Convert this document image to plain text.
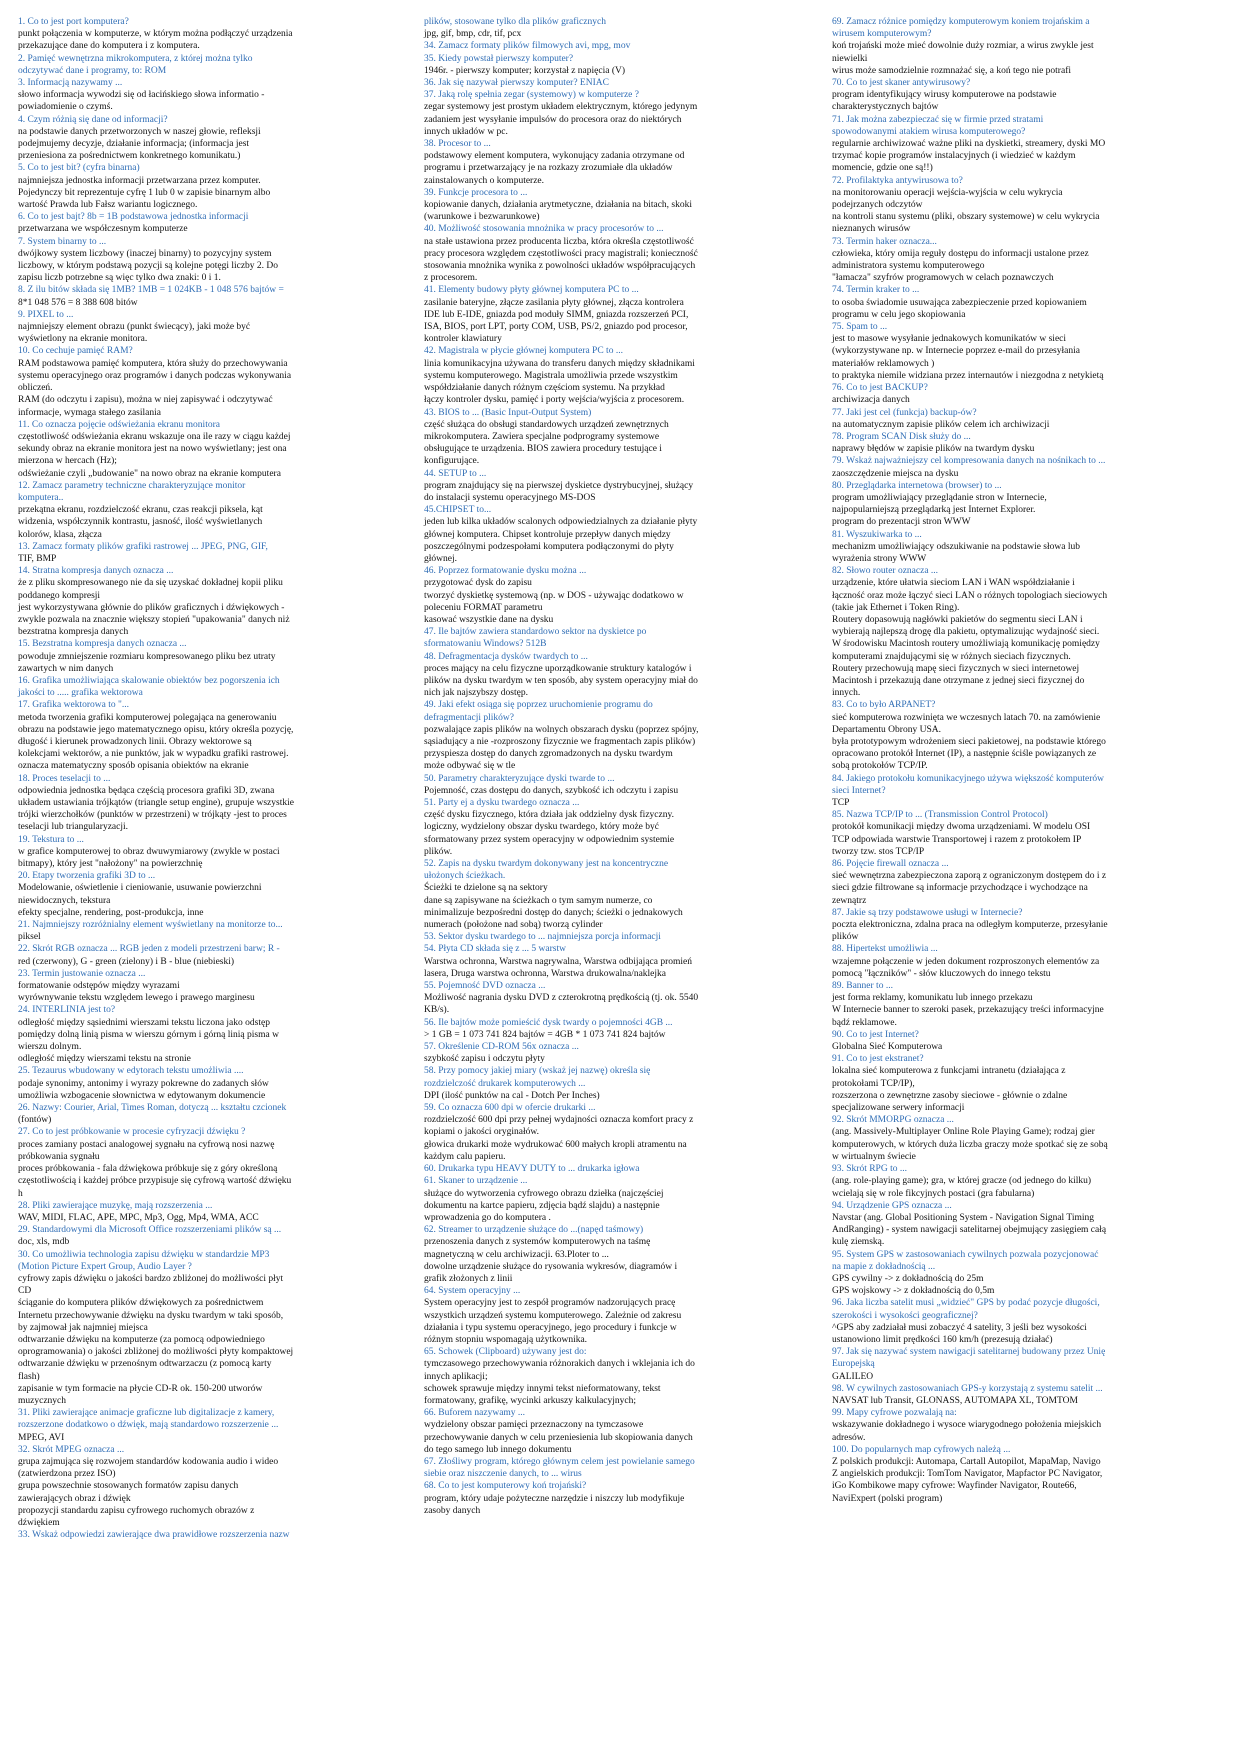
1. Co to jest port komputera?
punkt połączenia w komputerze, w którym można podłączyć urządzenia
przekazujące dane do komputera i z komputera.
2. Pamięć wewnętrzna mikrokomputera, z której można tylko
odczytywać dane i programy, to: ROM
3. Informacją nazywamy ...
słowo informacja wywodzi się od łacińskiego słowa informatio -
powiadomienie o czymś.
4. Czym różnią się dane od informacji?
na podstawie danych przetworzonych w naszej głowie, refleksji
podejmujemy decyzje, działanie informacja; (informacja jest
przeniesiona za pośrednictwem konkretnego komunikatu.)
5. Co to jest bit? (cyfra binarna)
najmniejsza jednostka informacji przetwarzana przez komputer.
Pojedynczy bit reprezentuje cyfrę 1 lub 0 w zapisie binarnym albo
wartość Prawda lub Fałsz wariantu logicznego.
6. Co to jest bajt? 8b = 1B podstawowa jednostka informacji
przetwarzana we współczesnym komputerze
7. System binarny to ...
dwójkowy system liczbowy (inaczej binarny) to pozycyjny system
liczbowy, w którym podstawą pozycji są kolejne potęgi liczby 2. Do
zapisu liczb potrzebne są więc tylko dwa znaki: 0 i 1.
8. Z ilu bitów składa się 1MB? 1MB = 1 024KB - 1 048 576 bajtów =
8*1 048 576 = 8 388 608 bitów
9. PIXEL to ...
najmniejszy element obrazu (punkt świecący), jaki może być
wyświetlony na ekranie monitora.
10. Co cechuje pamięć RAM?
RAM podstawowa pamięć komputera, która służy do przechowywania
systemu operacyjnego oraz programów i danych podczas wykonywania
obliczeń.
RAM (do odczytu i zapisu), można w niej zapisywać i odczytywać
informacje, wymaga stałego zasilania
11. Co oznacza pojęcie odświeżania ekranu monitora
częstotliwość odświeżania ekranu wskazuje ona ile razy w ciągu każdej
sekundy obraz na ekranie monitora jest na nowo wyświetlany; jest ona
mierzona w hercach (Hz);
odświeżanie czyli „budowanie" na nowo obraz na ekranie komputera
12. Zamacz parametry techniczne charakteryzujące monitor
komputera..
przekątna ekranu, rozdzielczość ekranu, czas reakcji piksela, kąt
widzenia, współczynnik kontrastu, jasność, ilość wyświetlanych
kolorów, klasa, złącza
13. Zamacz formaty plików grafiki rastrowej ... JPEG, PNG, GIF,
TIF, BMP
14. Stratna kompresja danych oznacza ...
że z pliku skompresowanego nie da się uzyskać dokładnej kopii pliku
poddanego kompresji
jest wykorzystywana głównie do plików graficznych i dźwiękowych -
zwykle pozwala na znacznie większy stopień "upakowania" danych niż
bezstratna kompresja danych
15. Bezstratna kompresja danych oznacza ...
powoduje zmniejszenie rozmiaru kompresowanego pliku bez utraty
zawartych w nim danych
16. Grafika umożliwiająca skalowanie obiektów bez pogorszenia ich
jakości to ..... grafika wektorowa
17. Grafika wektorowa to "...
metoda tworzenia grafiki komputerowej polegająca na generowaniu
obrazu na podstawie jego matematycznego opisu, który określa pozycję,
długość i kierunek prowadzonych linii. Obrazy wektorowe są
kolekcjami wektorów, a nie punktów, jak w wypadku grafiki rastrowej.
oznacza matematyczny sposób opisania obiektów na ekranie
18. Proces teselacji to ...
odpowiednia jednostka będąca częścią procesora grafiki 3D, zwana
układem ustawiania trójkątów (triangle setup engine), grupuje wszystkie
trójki wierzchołków (punktów w przestrzeni) w trójkąty -jest to proces
teselacji lub triangularyzacji.
19. Tekstura to ...
w grafice komputerowej to obraz dwuwymiarowy (zwykle w postaci
bitmapy), który jest "nałożony" na powierzchnię
20. Etapy tworzenia grafiki 3D to ...
Modelowanie, oświetlenie i cieniowanie, usuwanie powierzchni
niewidocznych, tekstura
efekty specjalne, rendering, post-produkcja, inne
21. Najmniejszy rozróżnialny element wyświetlany na monitorze to...
piksel
22. Skrót RGB oznacza ... RGB jeden z modeli przestrzeni barw; R -
red (czerwony), G - green (zielony) i B - blue (niebieski)
23. Termin justowanie oznacza ...
formatowanie odstępów między wyrazami
wyrównywanie tekstu względem lewego i prawego marginesu
24. INTERLINIA jest to?
odległość między sąsiednimi wierszami tekstu liczona jako odstęp
pomiędzy dolną linią pisma w wierszu górnym i górną linią pisma w
wierszu dolnym.
odległość między wierszami tekstu na stronie
25. Tezaurus wbudowany w edytorach tekstu umożliwia ....
podaje synonimy, antonimy i wyrazy pokrewne do zadanych słów
umożliwia wzbogacenie słownictwa w edytowanym dokumencie
26. Nazwy: Courier, Arial, Times Roman, dotyczą ... kształtu czcionek
(fontów)
27. Co to jest próbkowanie w procesie cyfryzacji dźwięku ?
proces zamiany postaci analogowej sygnału na cyfrową nosi nazwę
próbkowania sygnału
proces próbkowania - fala dźwiękowa próbkuje się z góry określoną
częstotliwością i każdej próbce przypisuje się cyfrową wartość dźwięku
h
28. Pliki zawierające muzykę, mają rozszerzenia ...
WAV, MIDI, FLAC, APE, MPC, Mp3, Ogg, Mp4, WMA, ACC
29. Standardowymi dla Microsoft Office rozszerzeniami plików są ...
doc, xls, mdb
30. Co umożliwia technologia zapisu dźwięku w standardzie MP3
(Motion Picture Expert Group, Audio Layer ?
cyfrowy zapis dźwięku o jakości bardzo zbliżonej do możliwości płyt
CD
ściąganie do komputera plików dźwiękowych za pośrednictwem
Internetu przechowywanie dźwięku na dysku twardym w taki sposób,
by zajmował jak najmniej miejsca
odtwarzanie dźwięku na komputerze (za pomocą odpowiedniego
oprogramowania) o jakości zbliżonej do możliwości płyty kompaktowej
odtwarzanie dźwięku w przenośnym odtwarzaczu (z pomocą karty
flash)
zapisanie w tym formacie na płycie CD-R ok. 150-200 utworów
muzycznych
31. Pliki zawierające animacje graficzne lub digitalizacje z kamery,
rozszerzone dodatkowo o dźwięk, mają standardowo rozszerzenie ...
MPEG, AVI
32. Skrót MPEG oznacza ...
grupa zajmująca się rozwojem standardów kodowania audio i wideo
(zatwierdzona przez ISO)
grupa powszechnie stosowanych formatów zapisu danych
zawierających obraz i dźwięk
propozycji standardu zapisu cyfrowego ruchomych obrazów z
dźwiękiem
33. Wskaż odpowiedzi zawierające dwa prawidłowe rozszerzenia nazw
plików, stosowane tylko dla plików graficznych
jpg, gif, bmp, cdr, tif, pcx
34. Zamacz formaty plików filmowych avi, mpg, mov
35. Kiedy powstał pierwszy komputer?
1946r. - pierwszy komputer; korzystał z napięcia (V)
36. Jak się nazywał pierwszy komputer? ENIAC
37. Jaką rolę spełnia zegar (systemowy) w komputerze ?
zegar systemowy jest prostym układem elektrycznym, którego jedynym
zadaniem jest wysyłanie impulsów do procesora oraz do niektórych
innych układów w pc.
38. Procesor to ...
podstawowy element komputera, wykonujący zadania otrzymane od
programu i przetwarzający je na rozkazy zrozumiałe dla układów
zainstalowanych o komputerze.
39. Funkcje procesora to ...
kopiowanie danych, działania arytmetyczne, działania na bitach, skoki
(warunkowe i bezwarunkowe)
40. Możliwość stosowania mnożnika w pracy procesorów to ...
na stałe ustawiona przez producenta liczba, która określa częstotliwość
pracy procesora względem częstotliwości pracy magistrali; konieczność
stosowania mnożnika wynika z powolności układów współpracujących
z procesorem.
41. Elementy budowy płyty głównej komputera PC to ...
zasilanie bateryjne, złącze zasilania płyty głównej, złącza kontrolera
IDE lub E-IDE, gniazda pod moduły SIMM, gniazda rozszerzeń PCI,
ISA, BIOS, port LPT, porty COM, USB, PS/2, gniazdo pod procesor,
kontroler klawiatury
42. Magistrala w płycie głównej komputera PC to ...
linia komunikacyjna używana do transferu danych między składnikami
systemu komputerowego. Magistrala umożliwia przede wszystkim
współdziałanie danych różnym częściom systemu. Na przykład
łączy kontroler dysku, pamięć i porty wejścia/wyjścia z procesorem.
43. BIOS to ... (Basic Input-Output System)
część służąca do obsługi standardowych urządzeń zewnętrznych
mikrokomputera. Zawiera specjalne podprogramy systemowe
obsługujące te urządzenia. BIOS zawiera procedury testujące i
konfigurujące.
44. SETUP to ...
program znajdujący się na pierwszej dyskietce dystrybucyjnej, służący
do instalacji systemu operacyjnego MS-DOS
45.CHIPSET to...
jeden lub kilka układów scalonych odpowiedzialnych za działanie płyty
głównej komputera. Chipset kontroluje przepływ danych między
poszczególnymi podzespołami komputera podłączonymi do płyty
głównej.
46. Poprzez formatowanie dysku można ...
przygotować dysk do zapisu
tworzyć dyskietkę systemową (np. w DOS - używając dodatkowo w
poleceniu FORMAT parametru
kasować wszystkie dane na dysku
47. Ile bajtów zawiera standardowo sektor na dyskietce po
sformatowaniu Windows? 512B
48. Defragmentacja dysków twardych to ...
proces mający na celu fizyczne uporządkowanie struktury katalogów i
plików na dysku twardym w ten sposób, aby system operacyjny miał do
nich jak najszybszy dostęp.
49. Jaki efekt osiąga się poprzez uruchomienie programu do
defragmentacji plików?
pozwalające zapis plików na wolnych obszarach dysku (poprzez spójny,
sąsiadujący a nie -rozproszony fizycznie we fragmentach zapis plików)
przyspiesza dostęp do danych zgromadzonych na dysku twardym
może odbywać się w tle
50. Parametry charakteryzujące dyski twarde to ...
Pojemność, czas dostępu do danych, szybkość ich odczytu i zapisu
51. Party ej a dysku twardego oznacza ...
część dysku fizycznego, która działa jak oddzielny dysk fizyczny.
logiczny, wydzielony obszar dysku twardego, który może być
sformatowany przez system operacyjny w odpowiednim systemie
plików.
52. Zapis na dysku twardym dokonywany jest na koncentryczne
ułożonych ścieżkach.
Ścieżki te dzielone są na sektory
dane są zapisywane na ścieżkach o tym samym numerze, co
minimalizuje bezpośredni dostęp do danych; ścieżki o jednakowych
numerach (położone nad sobą) tworzą cylinder
53. Sektor dysku twardego to ... najmniejsza porcja informacji
54. Płyta CD składa się z ... 5 warstw
Warstwa ochronna, Warstwa nagrywalna, Warstwa odbijająca promień
lasera, Druga warstwa ochronna, Warstwa drukowalna/naklejka
55. Pojemność DVD oznacza ...
Możliwość nagrania dysku DVD z czterokrotną prędkością (tj. ok. 5540
KB/s).
56. Ile bajtów może pomieścić dysk twardy o pojemności 4GB ...
> 1 GB = 1 073 741 824 bajtów = 4GB * 1 073 741 824 bajtów
57. Określenie CD-ROM 56x oznacza ...
szybkość zapisu i odczytu płyty
58. Przy pomocy jakiej miary (wskaż jej nazwę) określa się
rozdzielczość drukarek komputerowych ...
DPI (ilość punktów na cal - Dotch Per Inches)
59. Co oznacza 600 dpi w ofercie drukarki ...
rozdzielczość 600 dpi przy pełnej wydajności oznacza komfort pracy z
kopiami o jakości oryginałów.
głowica drukarki może wydrukować 600 małych kropli atramentu na
każdym calu papieru.
60. Drukarka typu HEAVY DUTY to ... drukarka igłowa
61. Skaner to urządzenie ...
służące do wytworzenia cyfrowego obrazu dziełka (najczęściej
dokumentu na kartce papieru, zdjęcia bądź slajdu) a następnie
wprowadzenia go do komputera .
62. Streamer to urządzenie służące do ...(napęd taśmowy)
przenoszenia danych z systemów komputerowych na taśmę
magnetyczną w celu archiwizacji. 63.Ploter to ...
dowolne urządzenie służące do rysowania wykresów, diagramów i
grafik złożonych z linii
64. System operacyjny ...
System operacyjny jest to zespół programów nadzorujących pracę
wszystkich urządzeń systemu komputerowego. Zależnie od zakresu
działania i typu systemu operacyjnego, jego procedury i funkcje w
różnym stopniu wspomagają użytkownika.
65. Schowek (Clipboard) używany jest do:
tymczasowego przechowywania różnorakich danych i wklejania ich do
innych aplikacji;
schowek sprawuje między innymi tekst nieformatowany, tekst
formatowany, grafikę, wycinki arkuszy kalkulacyjnych;
66. Buforem nazywamy ...
wydzielony obszar pamięci przeznaczony na tymczasowe
przechowywanie danych w celu przeniesienia lub skopiowania danych
do tego samego lub innego dokumentu
67. Złośliwy program, którego głównym celem jest powielanie samego
siebie oraz niszczenie danych, to ... wirus
68. Co to jest komputerowy koń trojański?
program, który udaje pożyteczne narzędzie i niszczy lub modyfikuje
zasoby danych
69. Zamacz różnice pomiędzy komputerowym koniem trojańskim a
wirusem komputerowym?
koń trojański może mieć dowolnie duży rozmiar, a wirus zwykle jest
niewielki
wirus może samodzielnie rozmnażać się, a koń tego nie potrafi
70. Co to jest skaner antywirusowy?
program identyfikujący wirusy komputerowe na podstawie
charakterystycznych bajtów
71. Jak można zabezpieczać się w firmie przed stratami
spowodowanymi atakiem wirusa komputerowego?
regularnie archiwizować ważne pliki na dyskietki, streamery, dyski MO
trzymać kopie programów instalacyjnych (i wiedzieć w każdym
momencie, gdzie one są!!)
72. Profilaktyka antywirusowa to?
na monitorowaniu operacji wejścia-wyjścia w celu wykrycia
podejrzanych odczytów
na kontroli stanu systemu (pliki, obszary systemowe) w celu wykrycia
nieznanych wirusów
73. Termin haker oznacza...
człowieka, który omija reguły dostępu do informacji ustalone przez
administratora systemu komputerowego
"łamacza" szyfrów programowych w celach poznawczych
74. Termin kraker to ...
to osoba świadomie usuwająca zabezpieczenie przed kopiowaniem
programu w celu jego skopiowania
75. Spam to ...
jest to masowe wysyłanie jednakowych komunikatów w sieci
(wykorzystywane np. w Internecie poprzez e-mail do przesyłania
materiałów reklamowych )
to praktyka niemile widziana przez internautów i niezgodna z netykietą
76. Co to jest BACKUP?
archiwizacja danych
77. Jaki jest cel (funkcja) backup-ów?
na automatycznym zapisie plików celem ich archiwizacji
78. Program SCAN Disk służy do ...
naprawy błędów w zapisie plików na twardym dysku
79. Wskaż najważniejszy cel kompresowania danych na nośnikach to ...
zaoszczędzenie miejsca na dysku
80. Przeglądarka internetowa (browser) to ...
program umożliwiający przeglądanie stron w Internecie,
najpopularniejszą przeglądarką jest Internet Explorer.
program do prezentacji stron WWW
81. Wyszukiwarka to ...
mechanizm umożliwiający odszukiwanie na podstawie słowa lub
wyrażenia strony WWW
82. Słowo router oznacza ...
urządzenie, które ułatwia sieciom LAN i WAN współdziałanie i
łączność oraz może łączyć sieci LAN o różnych topologiach sieciowych
(takie jak Ethernet i Token Ring).
Routery dopasowują nagłówki pakietów do segmentu sieci LAN i
wybierają najlepszą drogę dla pakietu, optymalizując wydajność sieci.
W środowisku Macintosh routery umożliwiają komunikację pomiędzy
komputerami znajdującymi się w różnych sieciach fizycznych.
Routery przechowują mapę sieci fizycznych w sieci internetowej
Macintosh i przekazują dane otrzymane z jednej sieci fizycznej do
innych.
83. Co to było ARPANET?
sieć komputerowa rozwinięta we wczesnych latach 70. na zamówienie
Departamentu Obrony USA.
była prototypowym wdrożeniem sieci pakietowej, na podstawie którego
opracowano protokół Internet (IP), a następnie ściśle powiązanych ze
sobą protokołów TCP/IP.
84. Jakiego protokołu komunikacyjnego używa większość komputerów
sieci Internet?
TCP
85. Nazwa TCP/IP to ... (Transmission Control Protocol)
protokół komunikacji między dwoma urządzeniami. W modelu OSI
TCP odpowiada warstwie Transportowej i razem z protokołem IP
tworzy tzw. stos TCP/IP
86. Pojęcie firewall oznacza ...
sieć wewnętrzna zabezpieczona zaporą z ograniczonym dostępem do i z
sieci gdzie filtrowane są informacje przychodzące i wychodzące na
zewnątrz
87. Jakie są trzy podstawowe usługi w Internecie?
poczta elektroniczna, zdalna praca na odległym komputerze, przesyłanie
plików
88. Hipertekst umożliwia ...
wzajemne połączenie w jeden dokument rozproszonych elementów za
pomocą "łączników" - słów kluczowych do innego tekstu
89. Banner to ...
jest forma reklamy, komunikatu lub innego przekazu
W Internecie banner to szeroki pasek, przekazujący treści informacyjne
bądź reklamowe.
90. Co to jest Internet?
Globalna Sieć Komputerowa
91. Co to jest ekstranet?
lokalna sieć komputerowa z funkcjami intranetu (działająca z
protokołami TCP/IP),
rozszerzona o zewnętrzne zasoby sieciowe - głównie o zdalne
specjalizowane serwery informacji
92. Skrót MMORPG oznacza ...
(ang. Massively-Multiplayer Online Role Playing Game); rodzaj gier
komputerowych, w których duża liczba graczy może spotkać się ze sobą
w wirtualnym świecie
93. Skrót RPG to ...
(ang. role-playing game); gra, w której gracze (od jednego do kilku)
wcielają się w role fikcyjnych postaci (gra fabularna)
94. Urządzenie GPS oznacza ...
Navstar (ang. Global Positioning System - Navigation Signal Timing
AndRanging) - system nawigacji satelitarnej obejmujący zasięgiem całą
kulę ziemską.
95. System GPS w zastosowaniach cywilnych pozwala pozycjonować
na mapie z dokładnością ...
GPS cywilny -> z dokładnością do 25m
GPS wojskowy -> z dokładnością do 0,5m
96. Jaka liczba satelit musi „widzieć" GPS by podać pozycje długości,
szerokości i wysokości geograficznej?
^GPS aby zadziałał musi zobaczyć 4 satelity, 3 jeśli bez wysokości
ustanowiono limit prędkości 160 km/h (prezesują działać)
97. Jak się nazywać system nawigacji satelitarnej budowany przez Unię
Europejską
GALILEO
98. W cywilnych zastosowaniach GPS-y korzystają z systemu satelit ...
NAVSAT lub Transit, GLONASS, AUTOMAPA XL, TOMTOM
99. Mapy cyfrowe pozwalają na:
wskazywanie dokładnego i wysoce wiarygodnego położenia miejskich
adresów.
100. Do popularnych map cyfrowych należą ...
Z polskich produkcji: Automapa, Cartall Autopilot, MapaMap, Navigo
Z angielskich produkcji: TomTom Navigator, Mapfactor PC Navigator,
iGo Kombikowe mapy cyfrowe: Wayfinder Navigator, Route66,
NaviExpert (polski program)
